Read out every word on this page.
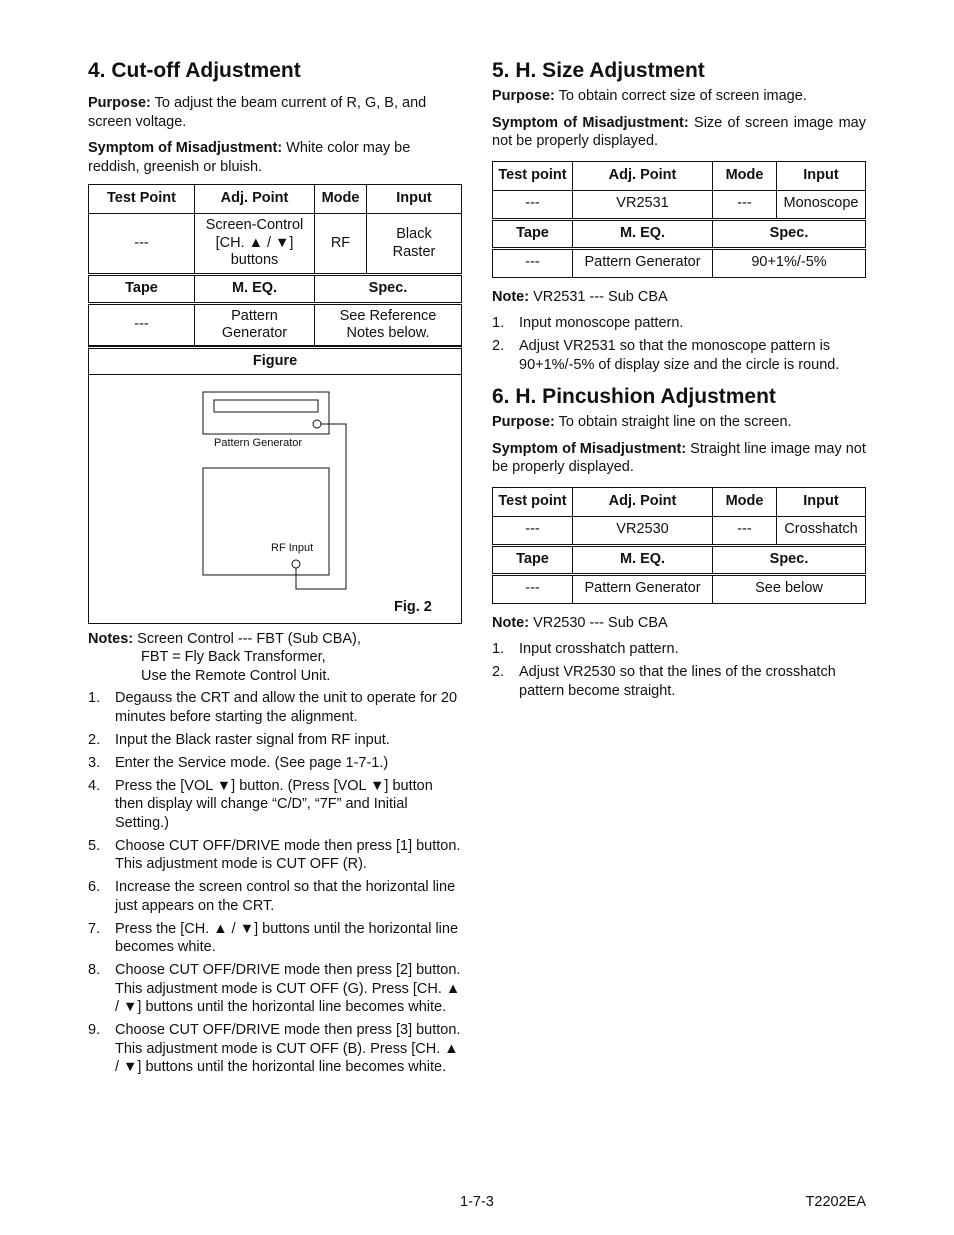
4. Cut-off Adjustment

Purpose: To adjust the beam current of R, G, B, and screen voltage.

Symptom of Misadjustment: White color may be reddish, greenish or bluish.

Test Point	Adj. Point	Mode	Input
---	Screen-Control
[CH. ▲ / ▼]
buttons	RF	Black
Raster
Tape	M. EQ.	Spec.	
---	Pattern
Generator	See Reference
Notes below.	
Figure
Pattern Generator
RF Input
Fig. 2
Notes: Screen Control --- FBT (Sub CBA),
FBT = Fly Back Transformer,
Use the Remote Control Unit.
1. Degauss the CRT and allow the unit to operate for 20 minutes before starting the alignment.
2. Input the Black raster signal from RF input.
3. Enter the Service mode. (See page 1-7-1.)
4. Press the [VOL ▼] button. (Press [VOL ▼] button then display will change “C/D”, “7F” and Initial Setting.)
5. Choose CUT OFF/DRIVE mode then press [1] button. This adjustment mode is CUT OFF (R).
6. Increase the screen control so that the horizontal line just appears on the CRT.
7. Press the [CH. ▲ / ▼] buttons until the horizontal line becomes white.
8. Choose CUT OFF/DRIVE mode then press [2] button. This adjustment mode is CUT OFF (G). Press [CH. ▲ / ▼] buttons until the horizontal line becomes white.
9. Choose CUT OFF/DRIVE mode then press [3] button. This adjustment mode is CUT OFF (B). Press [CH. ▲ / ▼] buttons until the horizontal line becomes white.
5. H. Size Adjustment

Purpose: To obtain correct size of screen image.

Symptom of Misadjustment: Size of screen image may not be properly displayed.

Test point	Adj. Point	Mode	Input
---	VR2531	---	Monoscope
Tape	M. EQ.	Spec.	
---	Pattern Generator	90+1%/-5%	

Note: VR2531 --- Sub CBA

1. Input monoscope pattern.
2. Adjust VR2531 so that the monoscope pattern is 90+1%/-5% of display size and the circle is round.
6. H. Pincushion Adjustment

Purpose: To obtain straight line on the screen.

Symptom of Misadjustment: Straight line image may not be properly displayed.

Test point	Adj. Point	Mode	Input
---	VR2530	---	Crosshatch
Tape	M. EQ.	Spec.	
---	Pattern Generator	See below	

Note: VR2530 --- Sub CBA

1. Input crosshatch pattern.
2. Adjust VR2530 so that the lines of the crosshatch pattern become straight.
1-7-3	T2202EA
